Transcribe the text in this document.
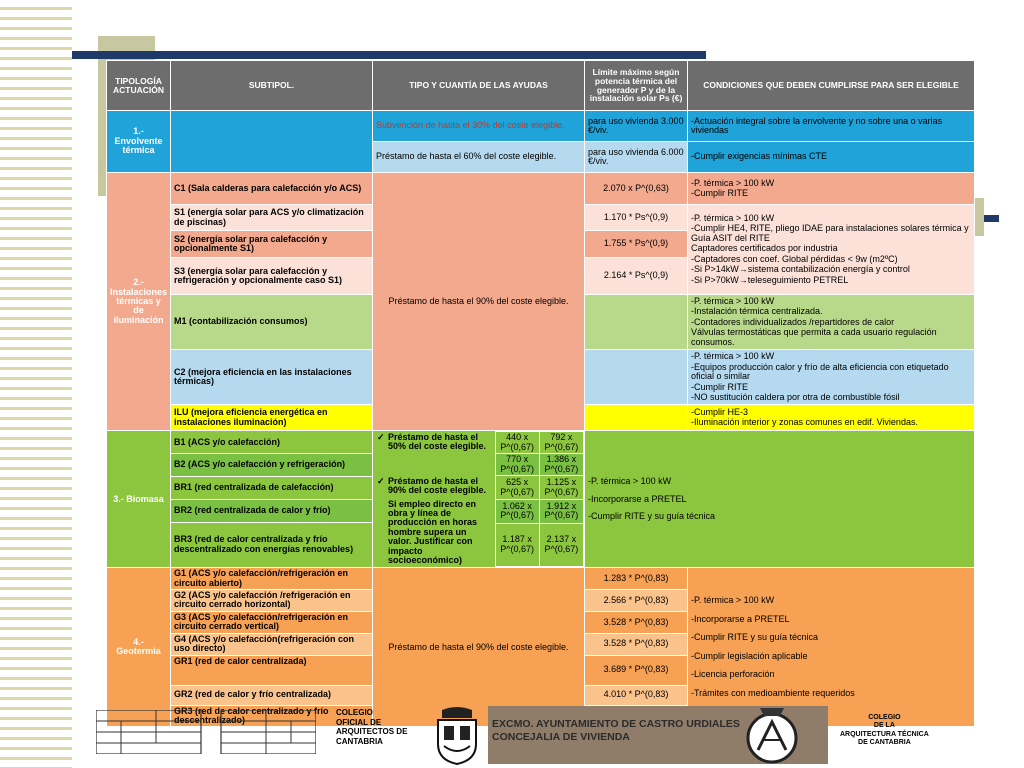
TIPOLOGÍA ACTUACIÓN	SUBTIPOL.	TIPO Y CUANTÍA DE LAS AYUDAS	Límite máximo según potencia térmica del generador P y de la instalación solar Ps (€)	CONDICIONES QUE DEBEN CUMPLIRSE PARA SER ELEGIBLE
1.- Envolvente térmica		Subvención de hasta el 30% del coste elegible.	para uso vivienda 3.000 €/viv.	-Actuación integral sobre la envolvente y no sobre una o varias viviendas
Préstamo de hasta el 60% del coste elegible.	para uso vivienda 6.000 €/viv.	-Cumplir exigencias mínimas CTE
2.- Instalaciones térmicas y de iluminación	C1 (Sala calderas para calefacción y/o ACS)	Préstamo de hasta el 90% del coste elegible.	2.070 x P^(0,63)	
-P. térmica > 100 kW
-Cumplir RITE

S1 (energía solar para ACS y/o climatización de piscinas)	1.170 * Ps^(0,9)	-P. térmica > 100 kW
-Cumplir HE4, RITE, pliego IDAE para instalaciones solares térmica y Guía ASIT del RITE
Captadores certificados por industria
-Captadores con coef. Global pérdidas < 9w (m2ºC)
-Si P>14kW→sistema contabilización energía y control
-Si P>70kW→teleseguimiento PETREL

S2 (energía solar para calefacción y opcionalmente S1)	1.755 * Ps^(0,9)
S3 (energía solar para calefacción y refrigeración y opcionalmente caso S1)	2.164 * Ps^(0,9)
M1 (contabilización consumos)		
-P. térmica > 100 kW
-Instalación térmica centralizada.
-Contadores individualizados /repartidores de calor
Válvulas termostáticas que permita a cada usuario regulación consumos.

C2 (mejora eficiencia en las instalaciones térmicas)		
-P. térmica > 100 kW
-Equipos producción calor y frío de alta eficiencia con etiquetado oficial o similar
-Cumplir RITE
-NO sustitución caldera por otra de combustible fósil

ILU (mejora eficiencia energética en instalaciones iluminación)		
-Cumplir HE-3
-Iluminación interior y zonas comunes en edif. Viviendas.

3.- Biomasa	B1 (ACS y/o calefacción)	
✓	Préstamo de hasta el 50% del coste elegible.
	440 x P^(0,67)	792 x P^(0,67)
770 x P^(0,67)	1.386 x P^(0,67)

✓ Préstamo de hasta el 90% del coste elegible.
Si empleo directo en obra y línea de producción en horas hombre supera un valor. Justificar con impacto socioeconómico)
	625 x P^(0,67)	1.125 x P^(0,67)
1.062 x P^(0,67)	1.912 x P^(0,67)
1.187 x P^(0,67)	2.137 x P^(0,67)

-P. térmica > 100 kW
-Incorporarse a PRETEL
-Cumplir RITE y su guía técnica

B2 (ACS y/o calefacción y refrigeración)
BR1 (red centralizada de calefacción)
BR2 (red centralizada de calor y frío)
BR3 (red de calor centralizada y frío descentralizado con energías renovables)
4.- Geotermia	G1 (ACS y/o calefacción/refrigeración en circuito abierto)	Préstamo de hasta el 90% del coste elegible.	1.283 * P^(0,83)	
-P. térmica > 100 kW
-Incorporarse a PRETEL
-Cumplir RITE y su guía técnica
-Cumplir legislación aplicable
-Licencia perforación
-Trámites con medioambiente requeridos

G2 (ACS y/o calefacción /refrigeración en circuito cerrado horizontal)	2.566 * P^(0,83)
G3 (ACS y/o calefacción/refrigeración en circuito cerrado vertical)	3.528 * P^(0,83)
G4 (ACS y/o calefacción(refrigeración con uso directo)	3.528 * P^(0,83)
GR1 (red de calor centralizada)	3.689 * P^(0,83)
GR2 (red de calor y frío centralizada)	4.010 * P^(0,83)
GR3 (red de calor centralizado y frío descentralizado)	
COLEGIO
OFICIAL DE
ARQUITECTOS DE
CANTABRIA
EXCMO. AYUNTAMIENTO DE CASTRO URDIALES
CONCEJALIA DE VIVIENDA
COLEGIO
DE LA
ARQUITECTURA TÉCNICA
DE CANTABRIA
